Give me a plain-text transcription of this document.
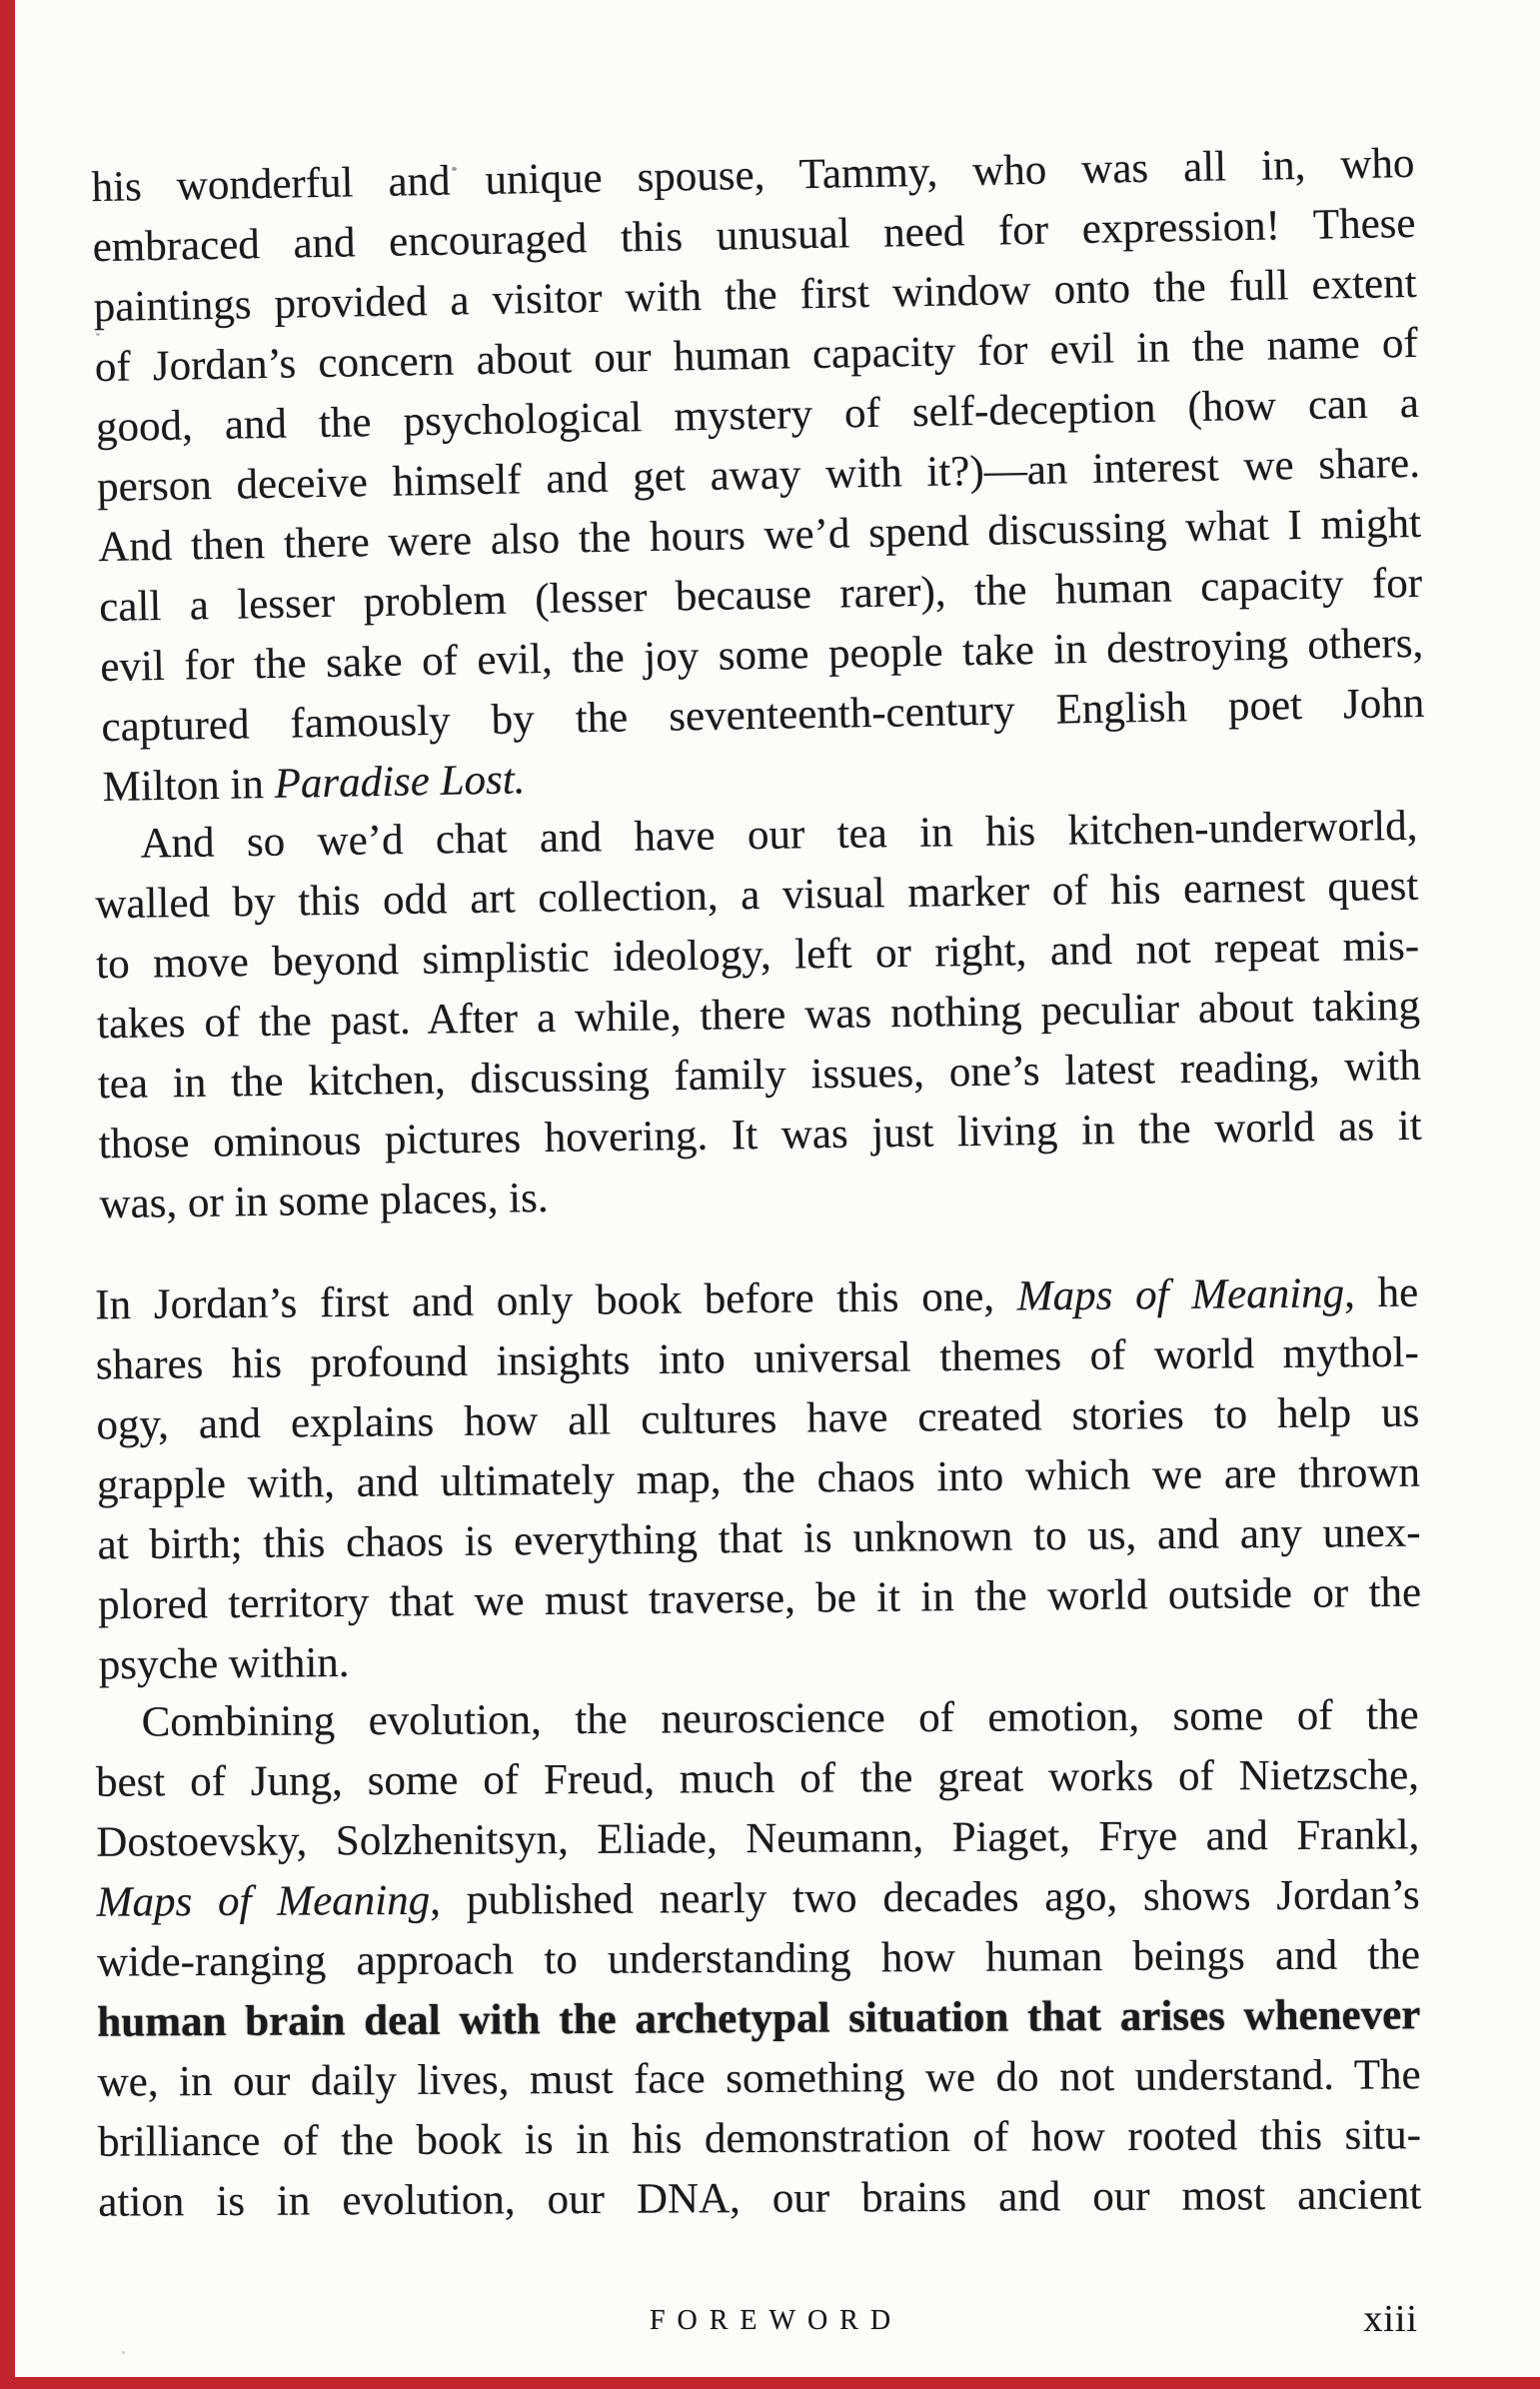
his wonderful and unique spouse, Tammy, who was all in, who
embraced and encouraged this unusual need for expression! These
paintings provided a visitor with the first window onto the full extent
of Jordan’s concern about our human capacity for evil in the name of
good, and the psychological mystery of self-deception (how can a
person deceive himself and get away with it?)—an interest we share.
And then there were also the hours we’d spend discussing what I might
call a lesser problem (lesser because rarer), the human capacity for
evil for the sake of evil, the joy some people take in destroying others,
captured famously by the seventeenth-century English poet John
Milton in Paradise Lost.
And so we’d chat and have our tea in his kitchen-underworld,
walled by this odd art collection, a visual marker of his earnest quest
to move beyond simplistic ideology, left or right, and not repeat mis-
takes of the past. After a while, there was nothing peculiar about taking
tea in the kitchen, discussing family issues, one’s latest reading, with
those ominous pictures hovering. It was just living in the world as it
was, or in some places, is.
In Jordan’s first and only book before this one, Maps of Meaning, he
shares his profound insights into universal themes of world mythol-
ogy, and explains how all cultures have created stories to help us
grapple with, and ultimately map, the chaos into which we are thrown
at birth; this chaos is everything that is unknown to us, and any unex-
plored territory that we must traverse, be it in the world outside or the
psyche within.
Combining evolution, the neuroscience of emotion, some of the
best of Jung, some of Freud, much of the great works of Nietzsche,
Dostoevsky, Solzhenitsyn, Eliade, Neumann, Piaget, Frye and Frankl,
Maps of Meaning, published nearly two decades ago, shows Jordan’s
wide-ranging approach to understanding how human beings and the
human brain deal with the archetypal situation that arises whenever
we, in our daily lives, must face something we do not understand. The
brilliance of the book is in his demonstration of how rooted this situ-
ation is in evolution, our DNA, our brains and our most ancient
FOREWORD	xiii
